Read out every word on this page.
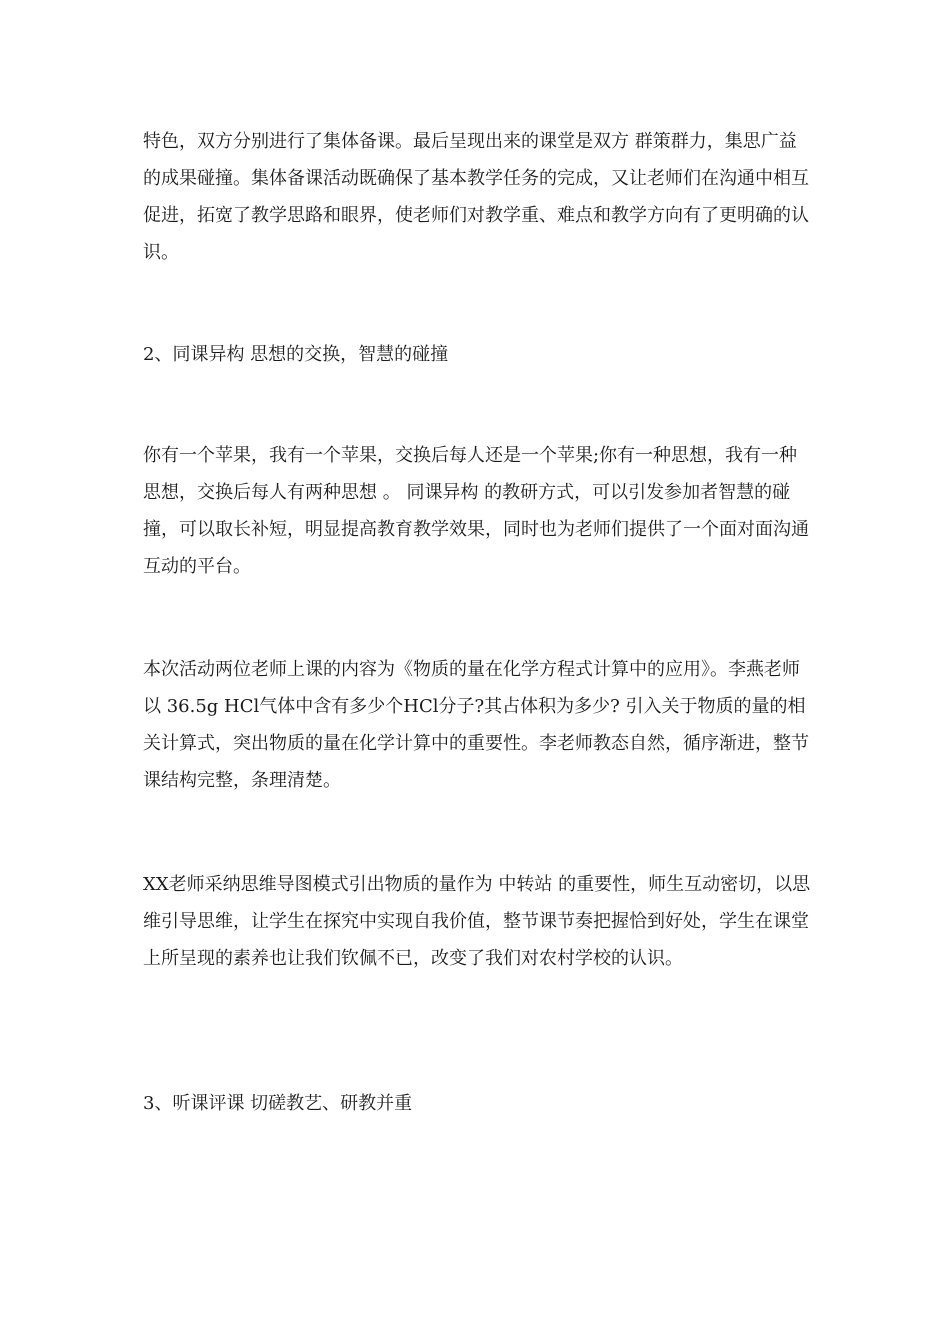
特色，双方分别进行了集体备课。最后呈现出来的课堂是双方 群策群力，集思广益 的成果碰撞。集体备课活动既确保了基本教学任务的完成，又让老师们在沟通中相互促进，拓宽了教学思路和眼界，使老师们对教学重、难点和教学方向有了更明确的认识。

2、同课异构 思想的交换，智慧的碰撞

你有一个苹果，我有一个苹果，交换后每人还是一个苹果;你有一种思想，我有一种思想，交换后每人有两种思想 。 同课异构 的教研方式，可以引发参加者智慧的碰撞，可以取长补短，明显提高教育教学效果，同时也为老师们提供了一个面对面沟通互动的平台。

本次活动两位老师上课的内容为《物质的量在化学方程式计算中的应用》。李燕老师以 36.5g HCl气体中含有多少个HCl分子?其占体积为多少? 引入关于物质的量的相关计算式，突出物质的量在化学计算中的重要性。李老师教态自然，循序渐进，整节课结构完整，条理清楚。

XX老师采纳思维导图模式引出物质的量作为 中转站 的重要性，师生互动密切，以思维引导思维，让学生在探究中实现自我价值，整节课节奏把握恰到好处，学生在课堂上所呈现的素养也让我们钦佩不已，改变了我们对农村学校的认识。

3、听课评课 切磋教艺、研教并重
